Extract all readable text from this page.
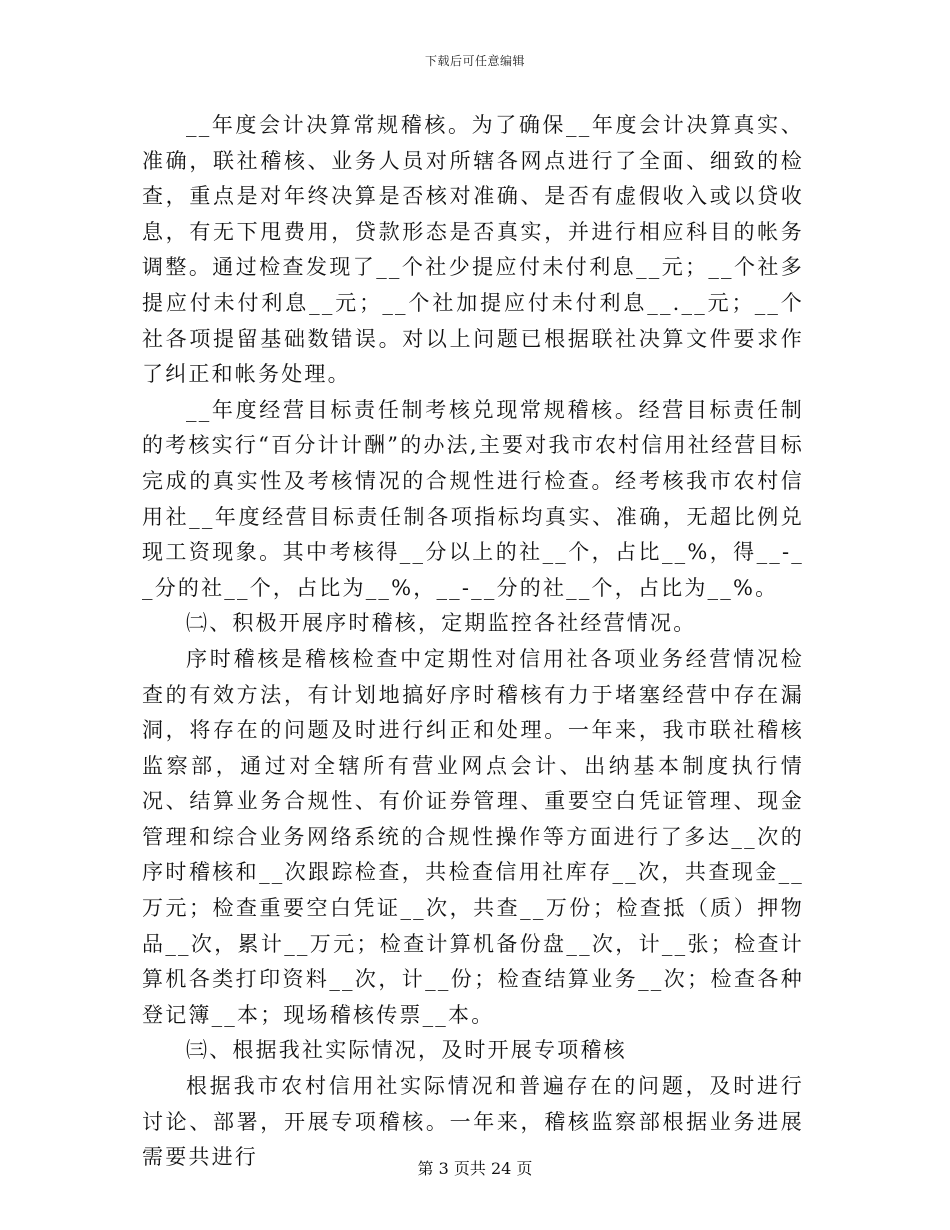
下载后可任意编辑

__年度会计决算常规稽核。为了确保__年度会计决算真实、准确，联社稽核、业务人员对所辖各网点进行了全面、细致的检查，重点是对年终决算是否核对准确、是否有虚假收入或以贷收息，有无下甩费用，贷款形态是否真实，并进行相应科目的帐务调整。通过检查发现了__个社少提应付未付利息__元；__个社多提应付未付利息__元；__个社加提应付未付利息__.__元；__个社各项提留基础数错误。对以上问题已根据联社决算文件要求作了纠正和帐务处理。

__年度经营目标责任制考核兑现常规稽核。经营目标责任制的考核实行“百分计计酬”的办法,主要对我市农村信用社经营目标完成的真实性及考核情况的合规性进行检查。经考核我市农村信用社__年度经营目标责任制各项指标均真实、准确，无超比例兑现工资现象。其中考核得__分以上的社__个，占比__%，得__-__分的社__个，占比为__%，__-__分的社__个，占比为__%。

㈡、积极开展序时稽核，定期监控各社经营情况。

序时稽核是稽核检查中定期性对信用社各项业务经营情况检查的有效方法，有计划地搞好序时稽核有力于堵塞经营中存在漏洞，将存在的问题及时进行纠正和处理。一年来，我市联社稽核监察部，通过对全辖所有营业网点会计、出纳基本制度执行情况、结算业务合规性、有价证券管理、重要空白凭证管理、现金管理和综合业务网络系统的合规性操作等方面进行了多达__次的序时稽核和__次跟踪检查，共检查信用社库存__次，共查现金__万元；检查重要空白凭证__次，共查__万份；检查抵（质）押物品__次，累计__万元；检查计算机备份盘__次，计__张；检查计算机各类打印资料__次，计__份；检查结算业务__次；检查各种登记簿__本；现场稽核传票__本。

㈢、根据我社实际情况，及时开展专项稽核

根据我市农村信用社实际情况和普遍存在的问题，及时进行讨论、部署，开展专项稽核。一年来，稽核监察部根据业务进展需要共进行	第 3 页共 24 页
